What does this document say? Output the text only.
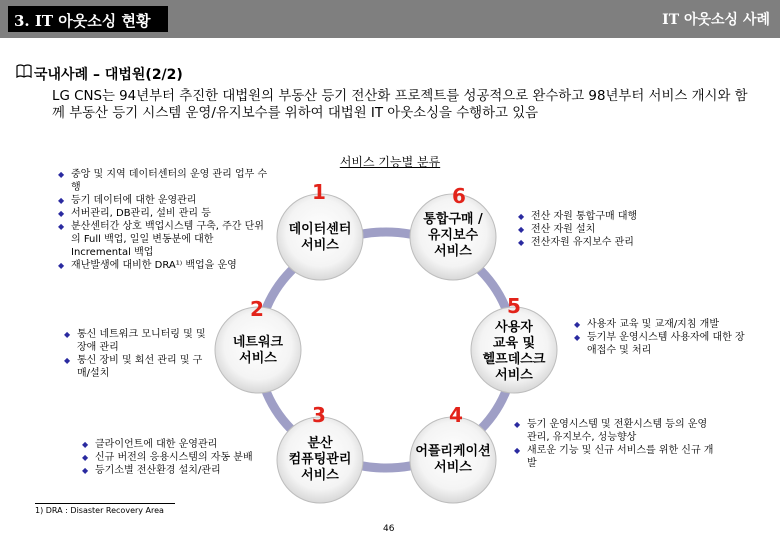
3. IT 아웃소싱 현황	IT 아웃소싱 사례
국내사례 – 대법원(2/2)
LG CNS는 94년부터 추진한 대법원의 부동산 등기 전산화 프로젝트를 성공적으로 완수하고 98년부터 서비스 개시와 함께 부동산 등기 시스템 운영/유지보수를 위하여 대법원 IT 아웃소싱을 수행하고 있음
서비스 기능별 분류
1	6
2	5
3	4
데이터센터
서비스
통합구매 /
유지보수
서비스
네트워크
서비스
사용자
교육 및
헬프데스크
서비스
분산
컴퓨팅관리
서비스
어플리케이션
서비스
◆ 중앙 및 지역 데이터센터의 운영 관리 업무 수행
◆ 등기 데이터에 대한 운영관리
◆ 서버관리, DB관리, 설비 관리 등
◆ 분산센터간 상호 백업시스템 구축, 주간 단위의 Full 백업, 일일 변동분에 대한 Incremental 백업
◆ 재난발생에 대비한 DRA¹⁾ 백업을 운영
◆ 전산 자원 통합구매 대행
◆ 전산 자원 설치
◆ 전산자원 유지보수 관리
◆ 통신 네트워크 모니터링 및 및 장애 관리
◆ 통신 장비 및 회선 관리 및 구매/설치
◆ 사용자 교육 및 교재/지침 개발
◆ 등기부 운영시스템 사용자에 대한 장애접수 및 처리
◆ 클라이언트에 대한 운영관리
◆ 신규 버전의 응용시스템의 자동 분배
◆ 등기소별 전산환경 설치/관리
◆ 등기 운영시스템 및 전환시스템 등의 운영관리, 유지보수, 성능향상
◆ 새로운 기능 및 신규 서비스를 위한 신규 개발
1) DRA : Disaster Recovery Area
46
